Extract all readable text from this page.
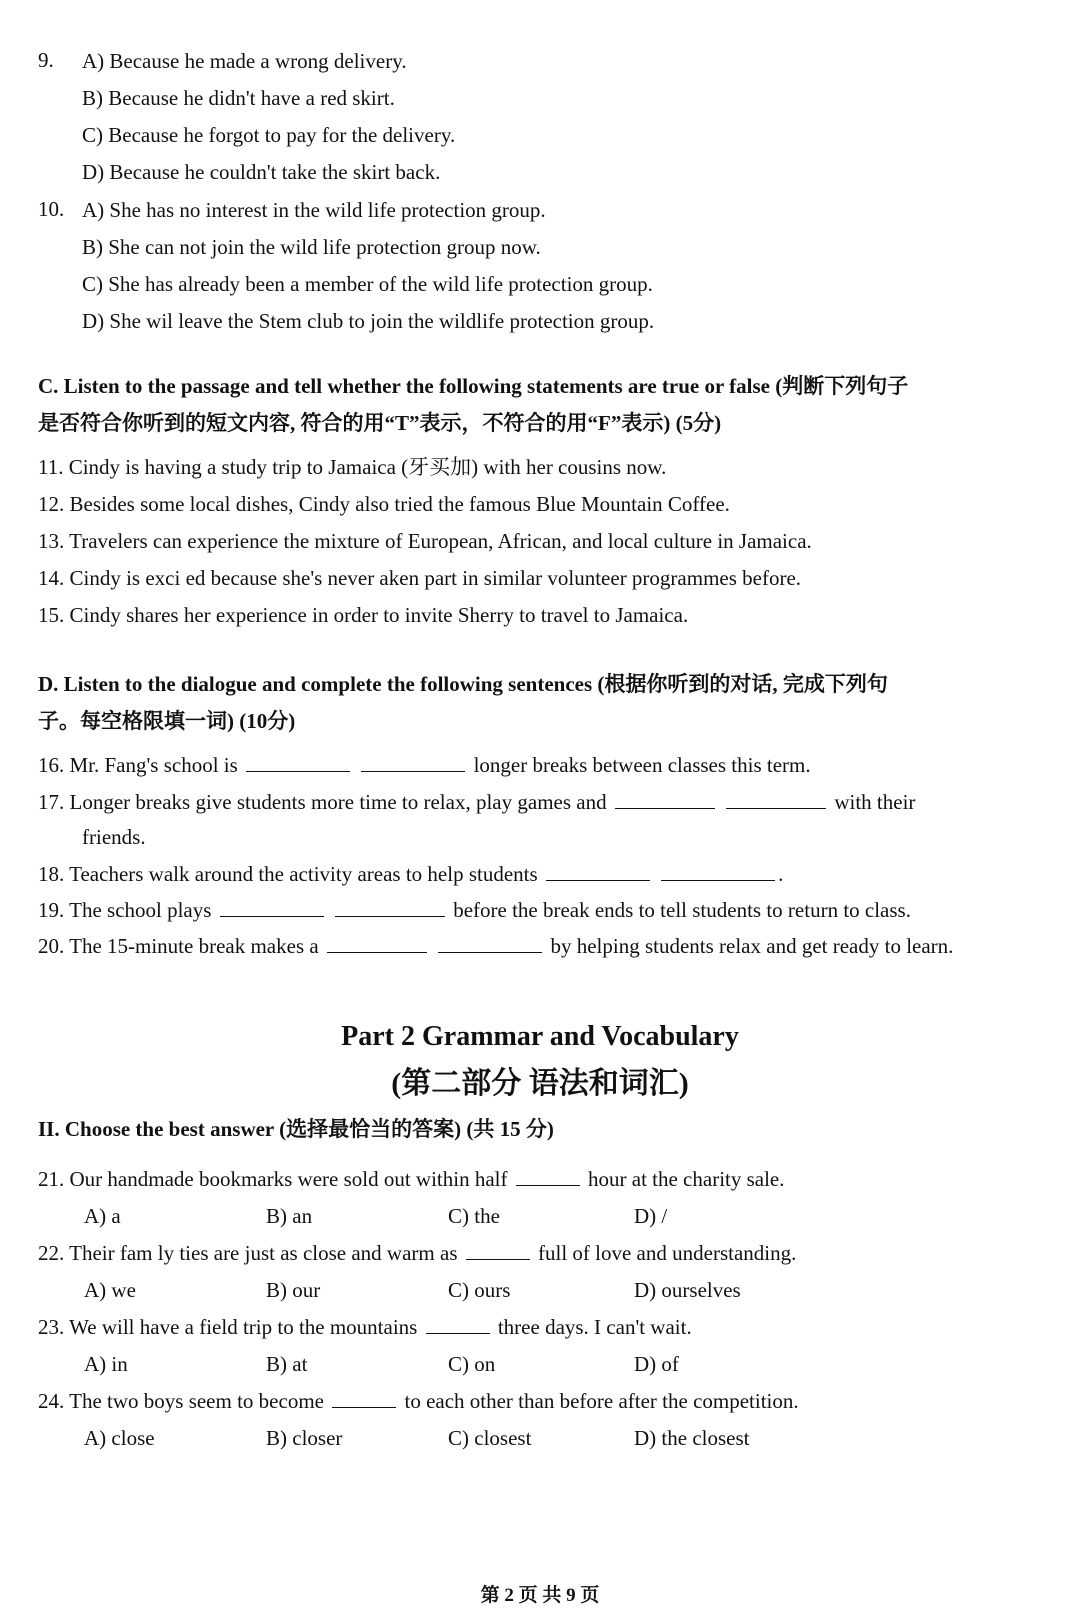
9. A) Because he made a wrong delivery.
B) Because he didn't have a red skirt.
C) Because he forgot to pay for the delivery.
D) Because he couldn't take the skirt back.
10. A) She has no interest in the wild life protection group.
B) She can not join the wild life protection group now.
C) She has already been a member of the wild life protection group.
D) She wil leave the Stem club to join the wildlife protection group.
C. Listen to the passage and tell whether the following statements are true or false (判断下列句子
是否符合你听到的短文内容, 符合的用“T”表示，不符合的用“F”表示) (5分)
11. Cindy is having a study trip to Jamaica (牙买加) with her cousins now.
12. Besides some local dishes, Cindy also tried the famous Blue Mountain Coffee.
13. Travelers can experience the mixture of European, African, and local culture in Jamaica.
14. Cindy is exci ed because she's never aken part in similar volunteer programmes before.
15. Cindy shares her experience in order to invite Sherry to travel to Jamaica.
D. Listen to the dialogue and complete the following sentences (根据你听到的对话, 完成下列句
子。每空格限填一词) (10分)
16. Mr. Fang's school is	longer breaks between classes this term.
17. Longer breaks give students more time to relax, play games and	with their
friends.
18. Teachers walk around the activity areas to help students	.
19. The school plays	before the break ends to tell students to return to class.
20. The 15-minute break makes a	by helping students relax and get ready to learn.
Part 2 Grammar and Vocabulary
(第二部分 语法和词汇)
II. Choose the best answer (选择最恰当的答案) (共 15 分)
21. Our handmade bookmarks were sold out within half	hour at the charity sale.
A) a	B) an	C) the	D) /
22. Their fam ly ties are just as close and warm as	full of love and understanding.
A) we	B) our	C) ours	D) ourselves
23. We will have a field trip to the mountains	three days. I can't wait.
A) in	B) at	C) on	D) of
24. The two boys seem to become	to each other than before after the competition.
A) close	B) closer	C) closest	D) the closest
第 2 页 共 9 页
